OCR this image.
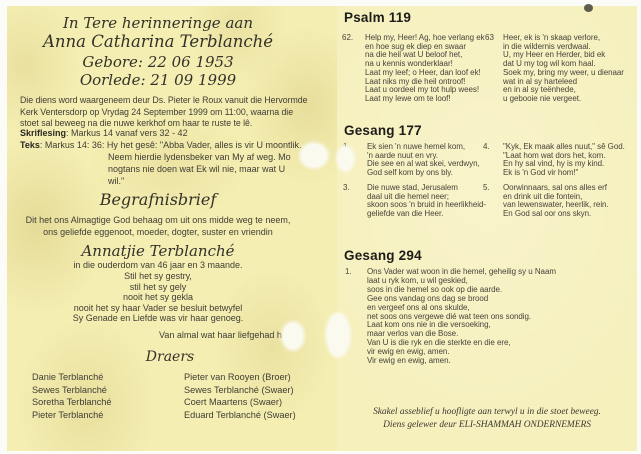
In Tere herinneringe aan
Anna Catharina Terblanché
Gebore: 22 06 1953
Oorlede: 21 09 1999
Die diens word waargeneem deur Ds. Pieter le Roux vanuit die Hervormde
Kerk Ventersdorp op Vrydag 24 September 1999 om 11:00, waarna die
stoet sal beweeg na die nuwe kerkhof om haar te ruste te lê.
Skriflesing: Markus 14 vanaf vers 32 - 42
Teks: Markus 14: 36: Hy het gesê: "Abba Vader, alles is vir U moontlik.
Neem hierdie lydensbeker van My af weg. Mo
nogtans nie doen wat Ek wil nie, maar wat U
wil."
Begrafnisbrief
Dit het ons Almagtige God behaag om uit ons midde weg te neem,
ons geliefde eggenoot, moeder, dogter, suster en vriendin
Annatjie Terblanché
in die ouderdom van 46 jaar en 3 maande.
Stil het sy gestry,
stil het sy gely
nooit het sy gekla
nooit het sy haar Vader se besluit betwyfel
Sy Genade en Liefde was vir haar genoeg.
Van almal wat haar liefgehad h
Draers
Danie Terblanché
Sewes Terblanché
Soretha Terblanché
Pieter Terblanché
Pieter van Rooyen (Broer)
Sewes Terblanché (Swaer)
Coert Maartens (Swaer)
Eduard Terblanché (Swaer)
Psalm 119
62. Help my, Heer! Ag, hoe verlang ek
en hoe sug ek diep en swaar
na die heil wat U beloof het,
na u kennis wonderklaar!
Laat my leef; o Heer, dan loof ek!
Laat niks my die heil ontroof!
Laat u oordeel my tot hulp wees!
Laat my lewe om te loof!
63 Heer, ek is 'n skaap verlore,
in die wildernis verdwaal.
U, my Heer en Herder, bid ek
dat U my tog wil kom haal.
Soek my, bring my weer, u dienaar
wat in al sy harteleed
en in al sy teënhede,
u gebooie nie vergeet.
Gesang 177
Ek sien 'n nuwe hemel kom,
'n aarde nuut en vry.
Die see en al wat skei, verdwyn,
God self kom by ons bly.
4. "Kyk, Ek maak alles nuut," sê God.
"Laat hom wat dors het, kom.
En hy sal vind, hy is my kind.
Ek is 'n God vir hom!"
3. Die nuwe stad, Jerusalem
daal uit die hemel neer;
skoon soos 'n bruid in heerlikheid-
geliefde van die Heer.
5. Oorwinnaars, sal ons alles erf
en drink uit die fontein,
van lewenswater, heerlik, rein.
En God sal oor ons skyn.
Gesang 294
1. Ons Vader wat woon in die hemel, geheilig sy u Naam
laat u ryk kom, u wil geskied,
soos in die hemel so ook op die aarde.
Gee ons vandag ons dag se brood
en vergeef ons al ons skulde,
net soos ons vergewe dié wat teen ons sondig.
Laat kom ons nie in die versoeking,
maar verlos van die Bose.
Van U is die ryk en die sterkte en die ere,
vir ewig en ewig, amen.
Vir ewig en ewig, amen.
Skakel asseblief u hoofligte aan terwyl u in die stoet beweeg.
Diens gelewer deur ELI-SHAMMAH ONDERNEMERS
